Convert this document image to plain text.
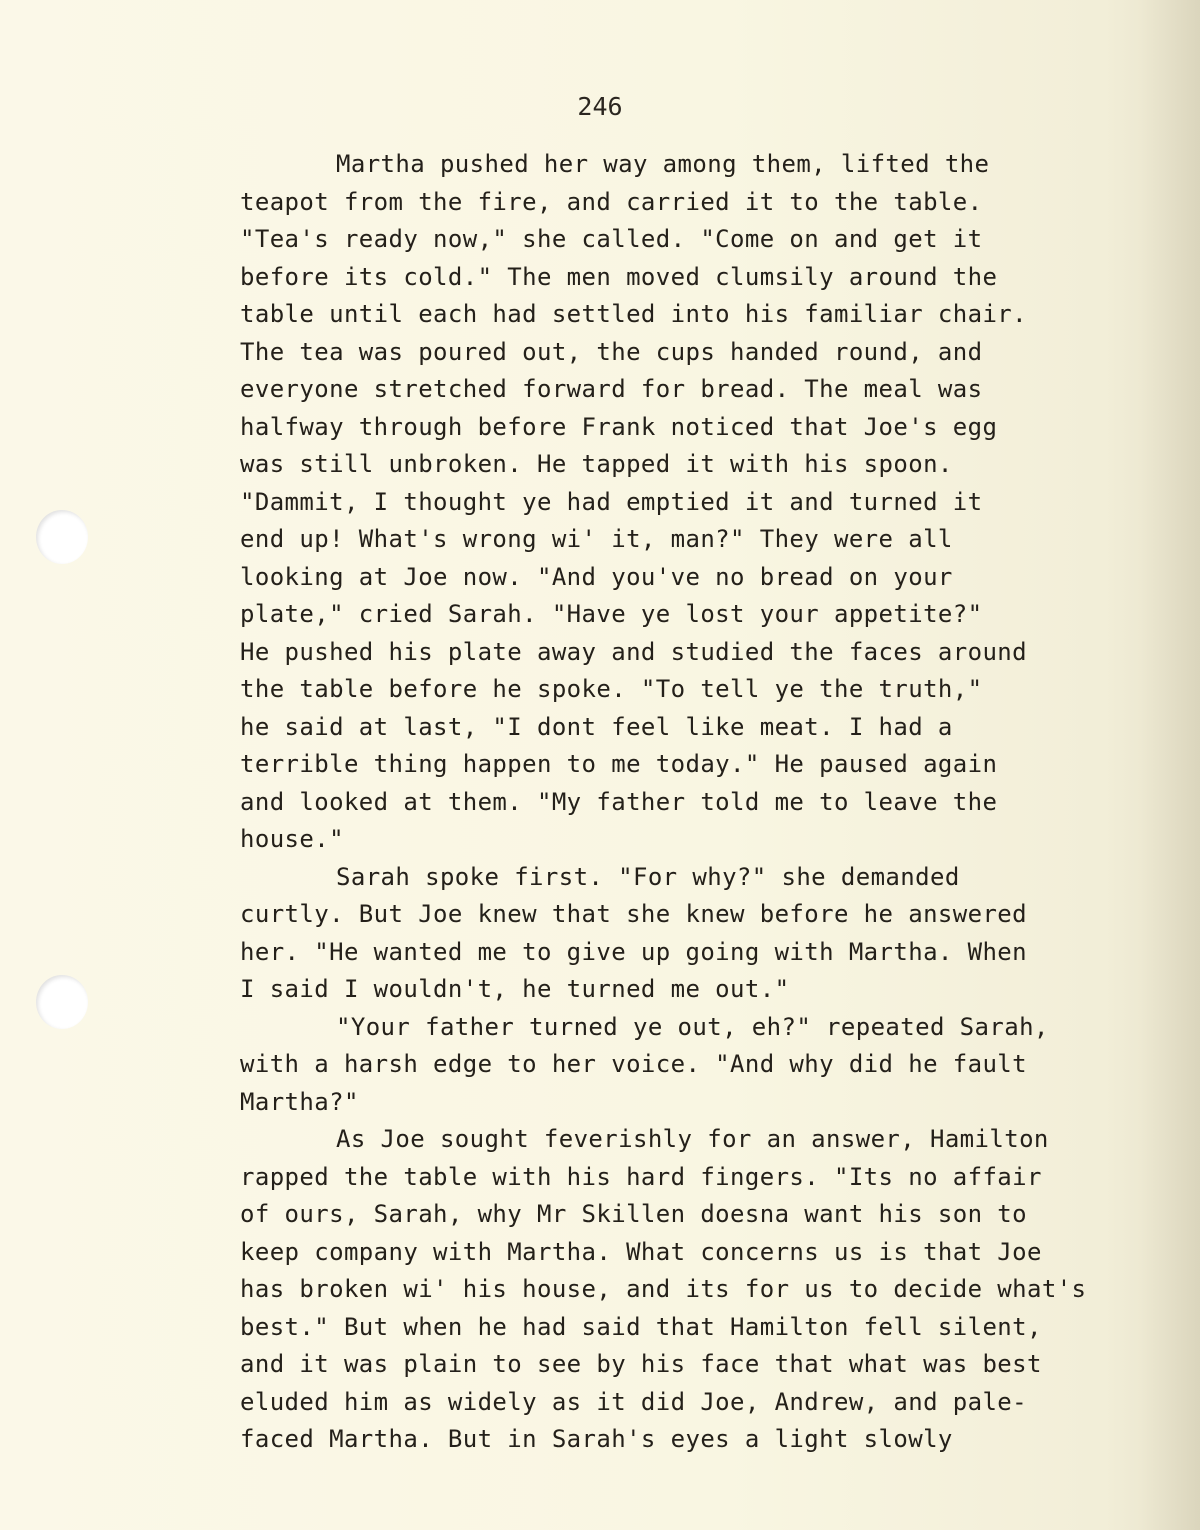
246
Martha pushed her way among them, lifted the
teapot from the fire, and carried it to the table.
"Tea's ready now," she called. "Come on and get it
before its cold." The men moved clumsily around the
table until each had settled into his familiar chair.
The tea was poured out, the cups handed round, and
everyone stretched forward for bread. The meal was
halfway through before Frank noticed that Joe's egg
was still unbroken. He tapped it with his spoon.
"Dammit, I thought ye had emptied it and turned it
end up! What's wrong wi' it, man?" They were all
looking at Joe now. "And you've no bread on your
plate," cried Sarah. "Have ye lost your appetite?"
He pushed his plate away and studied the faces around
the table before he spoke. "To tell ye the truth,"
he said at last, "I dont feel like meat. I had a
terrible thing happen to me today." He paused again
and looked at them. "My father told me to leave the
house."
Sarah spoke first. "For why?" she demanded
curtly. But Joe knew that she knew before he answered
her. "He wanted me to give up going with Martha. When
I said I wouldn't, he turned me out."
"Your father turned ye out, eh?" repeated Sarah,
with a harsh edge to her voice. "And why did he fault
Martha?"
As Joe sought feverishly for an answer, Hamilton
rapped the table with his hard fingers. "Its no affair
of ours, Sarah, why Mr Skillen doesna want his son to
keep company with Martha. What concerns us is that Joe
has broken wi' his house, and its for us to decide what's
best." But when he had said that Hamilton fell silent,
and it was plain to see by his face that what was best
eluded him as widely as it did Joe, Andrew, and pale-
faced Martha. But in Sarah's eyes a light slowly
